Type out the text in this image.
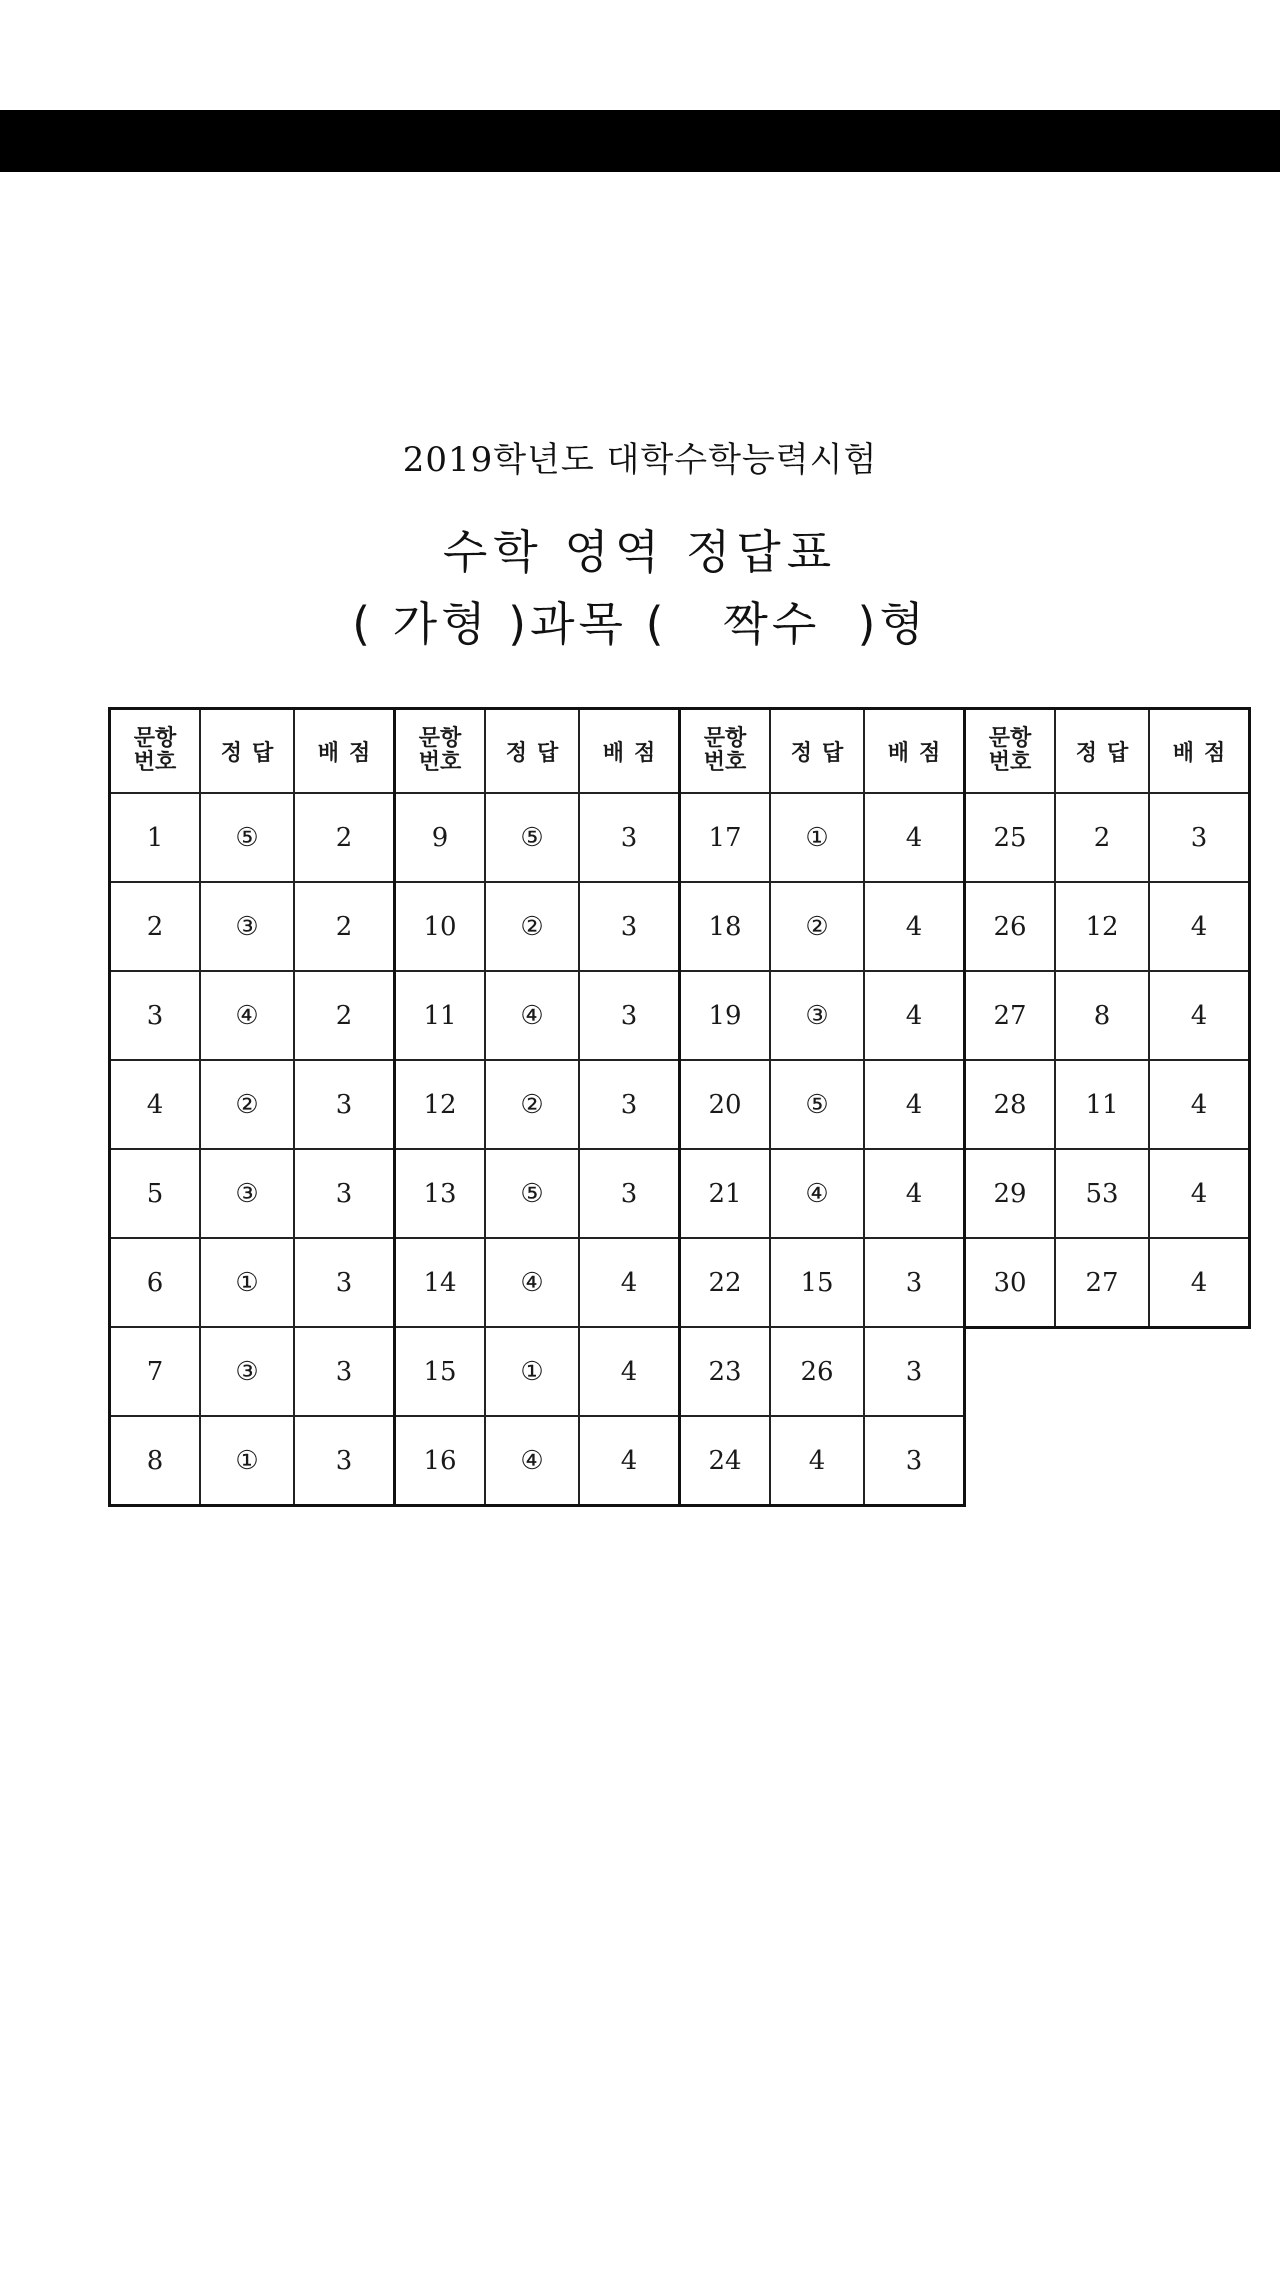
2019학년도 대학수학능력시험
수학 영역 정답표
( 가형 )과목 (   짝수  )형
문항
번호	정답	배점
1	⑤	2
2	③	2
3	④	2
4	②	3
5	③	3
6	①	3
7	③	3
8	①	3
문항
번호	정답	배점
9	⑤	3
10	②	3
11	④	3
12	②	3
13	⑤	3
14	④	4
15	①	4
16	④	4
문항
번호	정답	배점
17	①	4
18	②	4
19	③	4
20	⑤	4
21	④	4
22	15	3
23	26	3
24	4	3
문항
번호	정답	배점
25	2	3
26	12	4
27	8	4
28	11	4
29	53	4
30	27	4
